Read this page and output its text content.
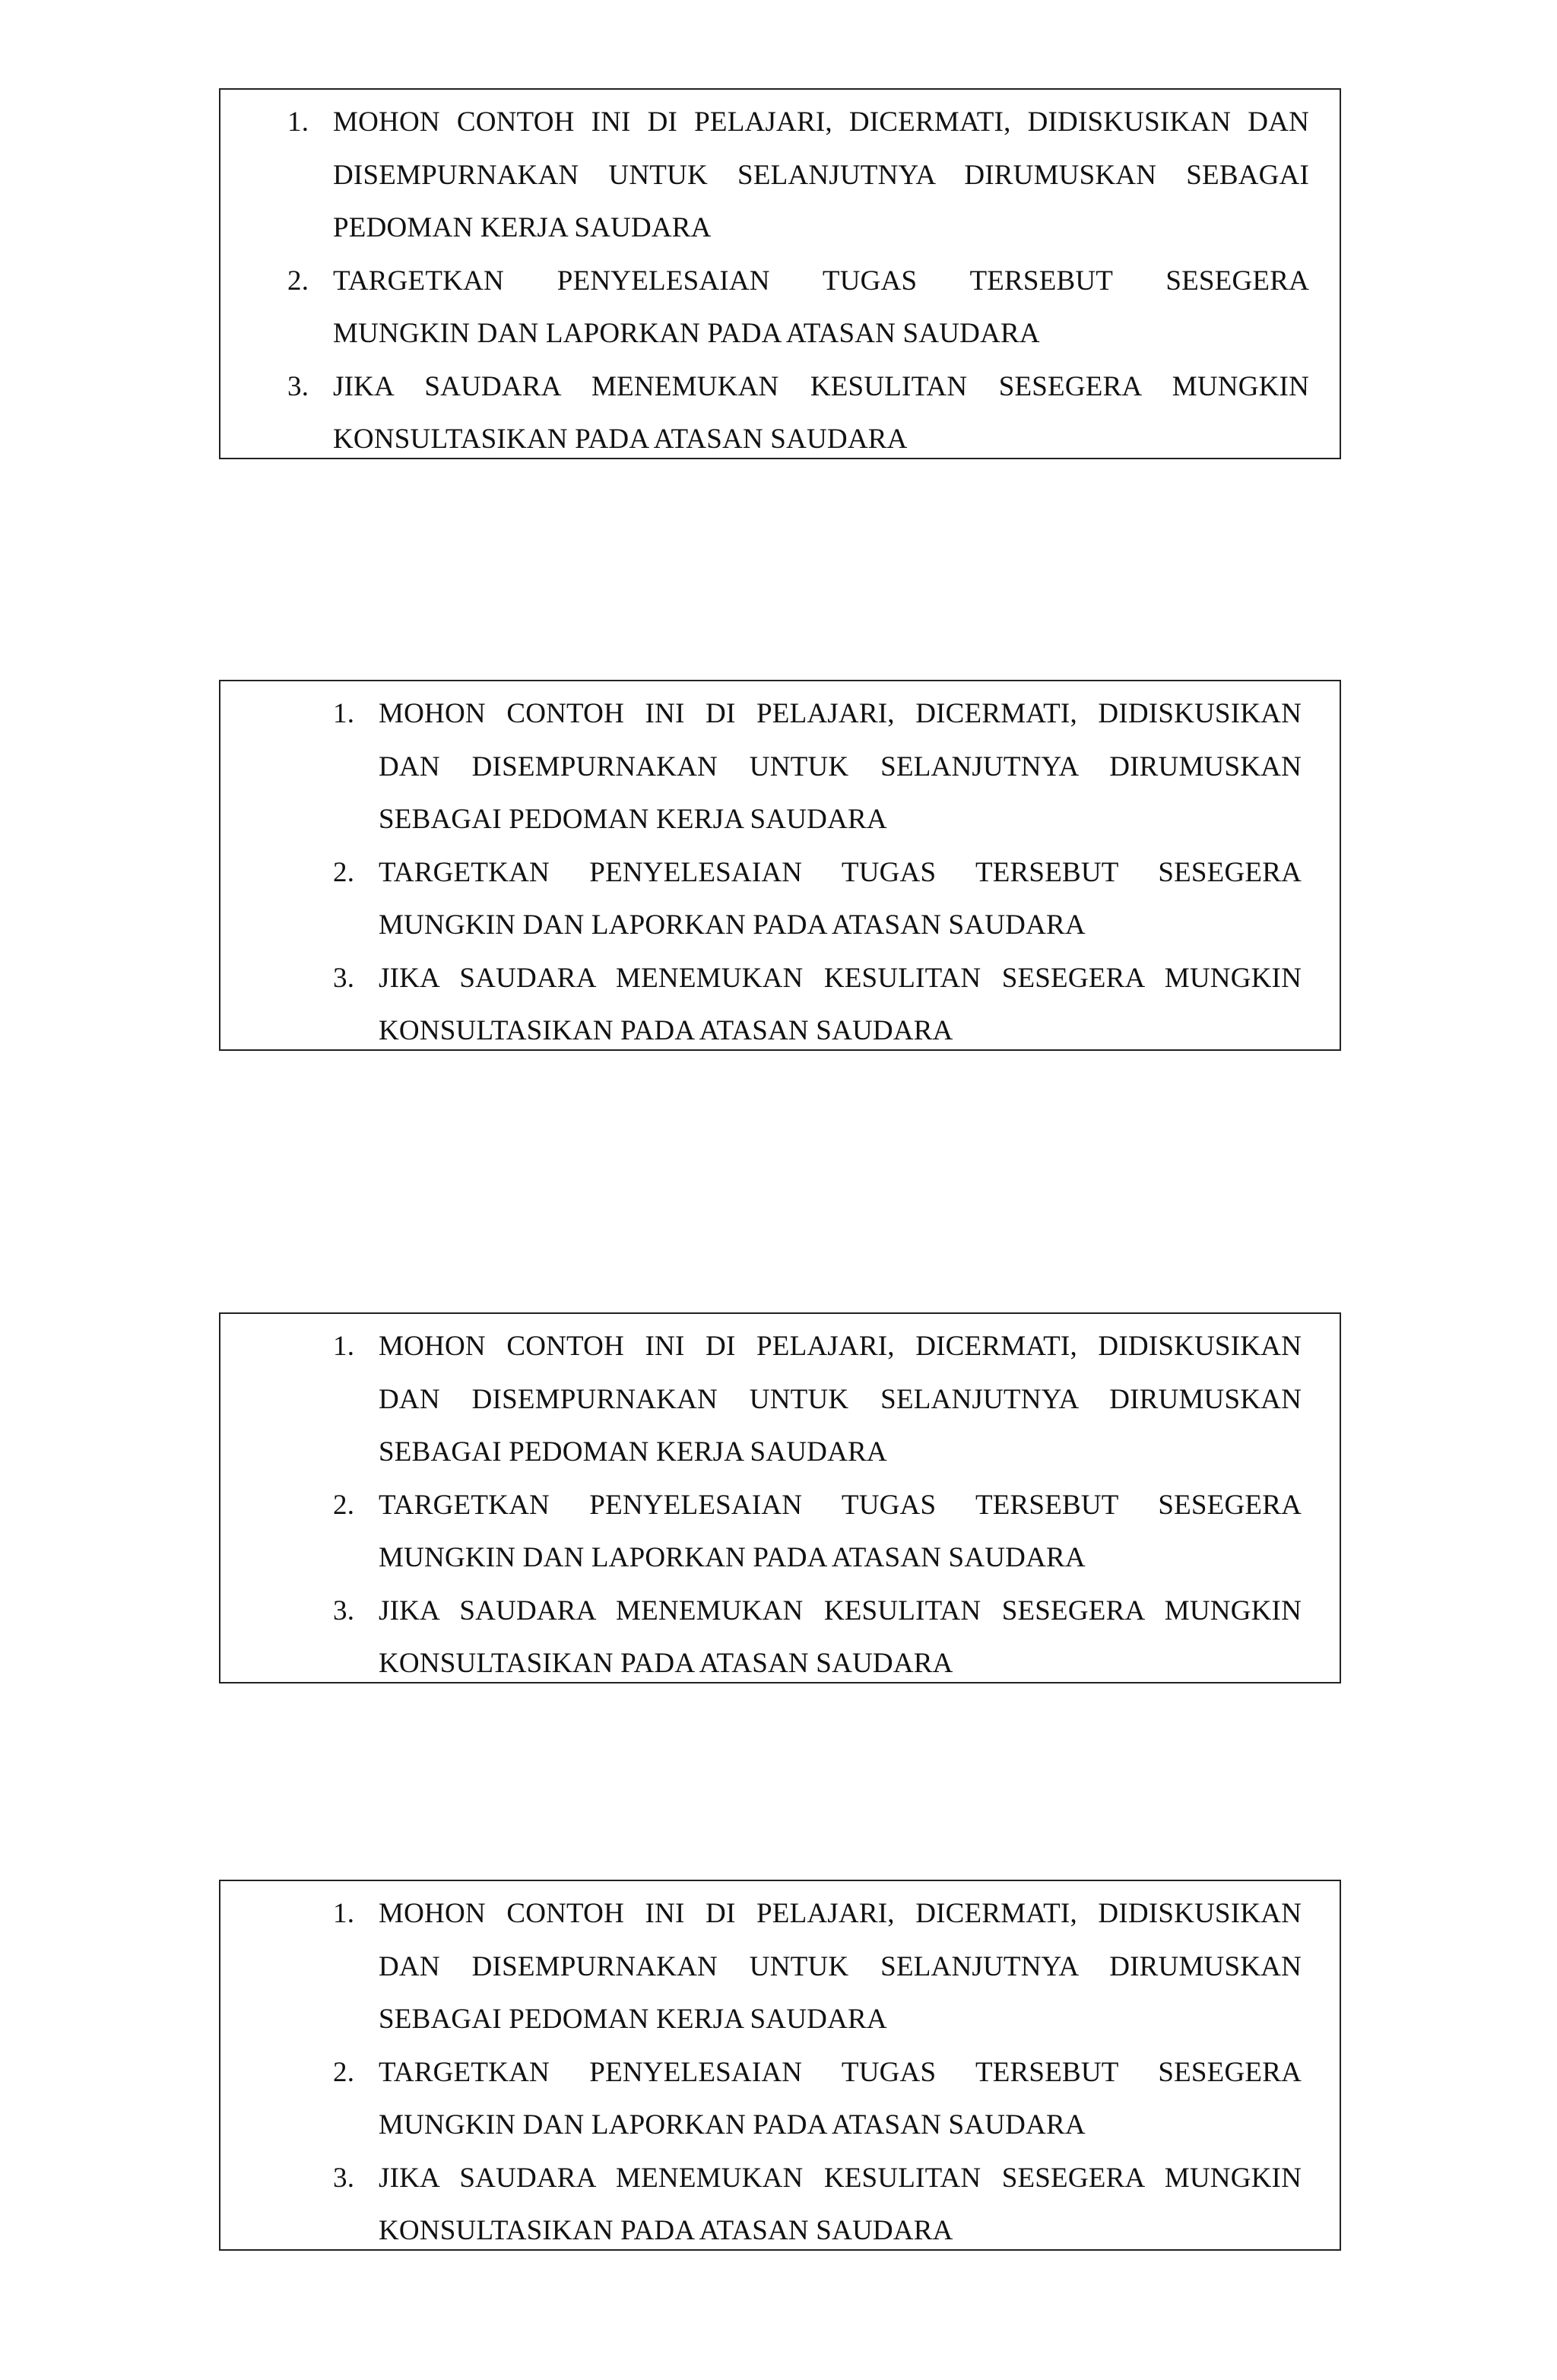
1. MOHON CONTOH INI DI PELAJARI, DICERMATI, DIDISKUSIKAN DAN
DISEMPURNAKAN UNTUK SELANJUTNYA DIRUMUSKAN SEBAGAI
PEDOMAN KERJA SAUDARA
2. TARGETKAN PENYELESAIAN TUGAS TERSEBUT SESEGERA
MUNGKIN DAN LAPORKAN PADA ATASAN SAUDARA
3. JIKA SAUDARA MENEMUKAN KESULITAN SESEGERA MUNGKIN
KONSULTASIKAN PADA ATASAN SAUDARA
1. MOHON CONTOH INI DI PELAJARI, DICERMATI, DIDISKUSIKAN
DAN DISEMPURNAKAN UNTUK SELANJUTNYA DIRUMUSKAN
SEBAGAI PEDOMAN KERJA SAUDARA
2. TARGETKAN PENYELESAIAN TUGAS TERSEBUT SESEGERA
MUNGKIN DAN LAPORKAN PADA ATASAN SAUDARA
3. JIKA SAUDARA MENEMUKAN KESULITAN SESEGERA MUNGKIN
KONSULTASIKAN PADA ATASAN SAUDARA
1. MOHON CONTOH INI DI PELAJARI, DICERMATI, DIDISKUSIKAN
DAN DISEMPURNAKAN UNTUK SELANJUTNYA DIRUMUSKAN
SEBAGAI PEDOMAN KERJA SAUDARA
2. TARGETKAN PENYELESAIAN TUGAS TERSEBUT SESEGERA
MUNGKIN DAN LAPORKAN PADA ATASAN SAUDARA
3. JIKA SAUDARA MENEMUKAN KESULITAN SESEGERA MUNGKIN
KONSULTASIKAN PADA ATASAN SAUDARA
1. MOHON CONTOH INI DI PELAJARI, DICERMATI, DIDISKUSIKAN
DAN DISEMPURNAKAN UNTUK SELANJUTNYA DIRUMUSKAN
SEBAGAI PEDOMAN KERJA SAUDARA
2. TARGETKAN PENYELESAIAN TUGAS TERSEBUT SESEGERA
MUNGKIN DAN LAPORKAN PADA ATASAN SAUDARA
3. JIKA SAUDARA MENEMUKAN KESULITAN SESEGERA MUNGKIN
KONSULTASIKAN PADA ATASAN SAUDARA
